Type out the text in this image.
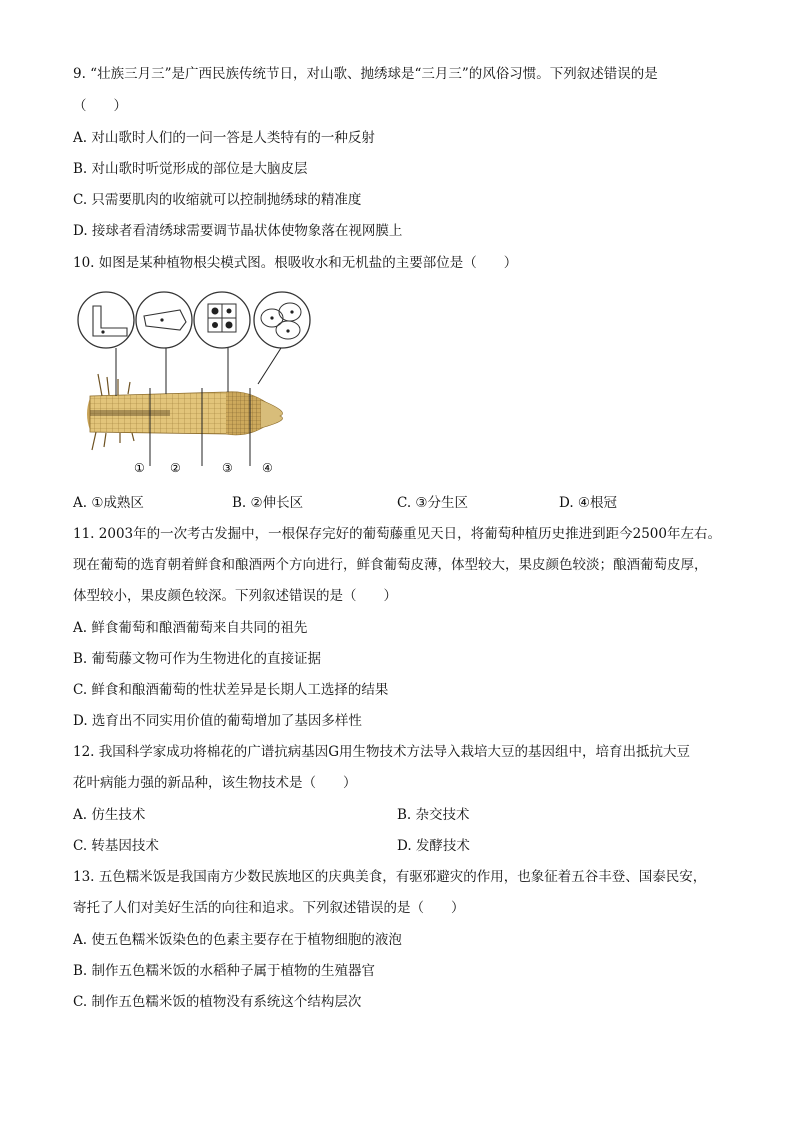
9. “壮族三月三”是广西民族传统节日，对山歌、抛绣球是“三月三”的风俗习惯。下列叙述错误的是
（　　）
A. 对山歌时人们的一问一答是人类特有的一种反射
B. 对山歌时听觉形成的部位是大脑皮层
C. 只需要肌肉的收缩就可以控制抛绣球的精准度
D. 接球者看清绣球需要调节晶状体使物象落在视网膜上
10. 如图是某种植物根尖模式图。根吸收水和无机盐的主要部位是（　　）
① ②	③ ④
A. ①成熟区	B. ②伸长区	C. ③分生区	D. ④根冠
11. 2003年的一次考古发掘中，一根保存完好的葡萄藤重见天日，将葡萄种植历史推进到距今2500年左右。
现在葡萄的选育朝着鲜食和酿酒两个方向进行，鲜食葡萄皮薄，体型较大，果皮颜色较淡；酿酒葡萄皮厚，
体型较小，果皮颜色较深。下列叙述错误的是（　　）
A. 鲜食葡萄和酿酒葡萄来自共同的祖先
B. 葡萄藤文物可作为生物进化的直接证据
C. 鲜食和酿酒葡萄的性状差异是长期人工选择的结果
D. 选育出不同实用价值的葡萄增加了基因多样性
12. 我国科学家成功将棉花的广谱抗病基因G用生物技术方法导入栽培大豆的基因组中，培育出抵抗大豆
花叶病能力强的新品种，该生物技术是（　　）
A. 仿生技术	B. 杂交技术
C. 转基因技术	D. 发酵技术
13. 五色糯米饭是我国南方少数民族地区的庆典美食，有驱邪避灾的作用，也象征着五谷丰登、国泰民安，
寄托了人们对美好生活的向往和追求。下列叙述错误的是（　　）
A. 使五色糯米饭染色的色素主要存在于植物细胞的液泡
B. 制作五色糯米饭的水稻种子属于植物的生殖器官
C. 制作五色糯米饭的植物没有系统这个结构层次
